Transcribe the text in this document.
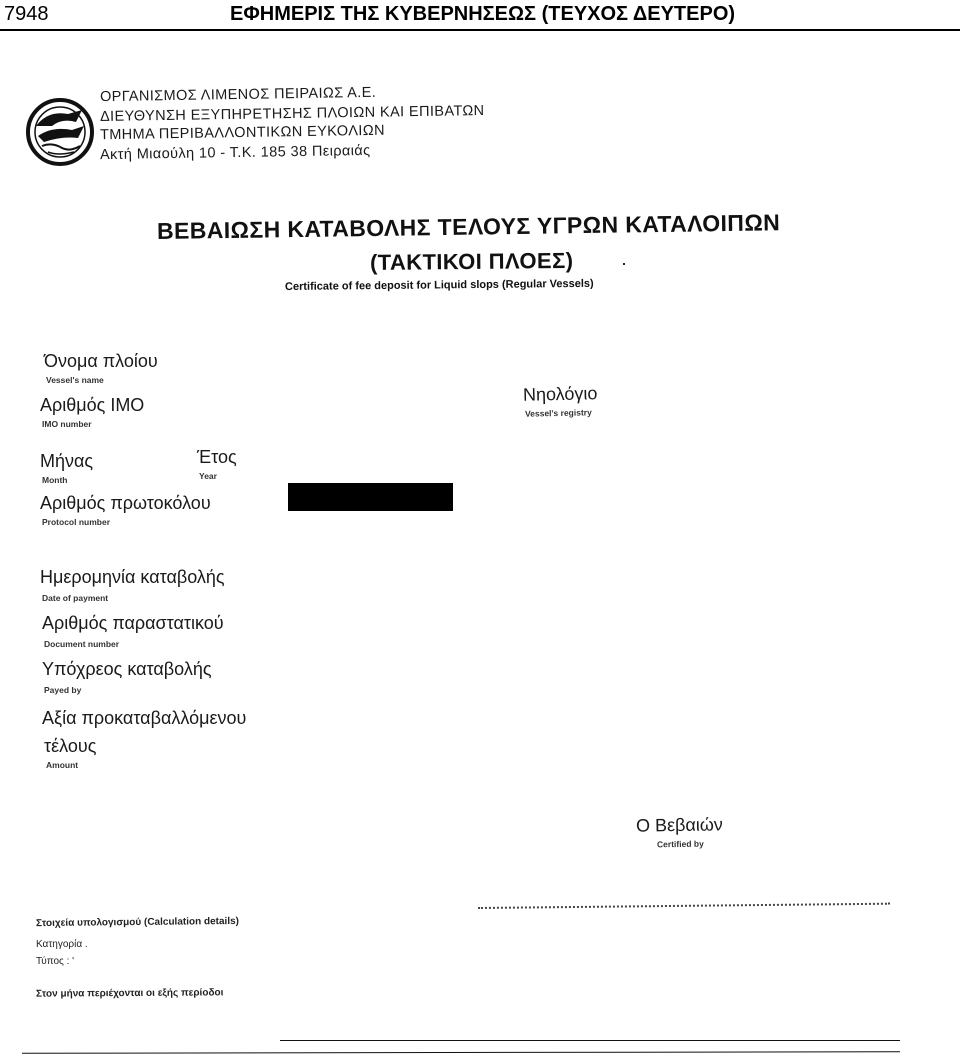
7948	ΕΦΗΜΕΡΙΣ ΤΗΣ ΚΥΒΕΡΝΗΣΕΩΣ (ΤΕΥΧΟΣ ΔΕΥΤΕΡΟ)
ΟΡΓΑΝΙΣΜΟΣ ΛΙΜΕΝΟΣ ΠΕΙΡΑΙΩΣ Α.Ε.
ΔΙΕΥΘΥΝΣΗ ΕΞΥΠΗΡΕΤΗΣΗΣ ΠΛΟΙΩΝ ΚΑΙ ΕΠΙΒΑΤΩΝ
ΤΜΗΜΑ ΠΕΡΙΒΑΛΛΟΝΤΙΚΩΝ ΕΥΚΟΛΙΩΝ
Ακτή Μιαούλη 10 - Τ.Κ. 185 38 Πειραιάς
ΒΕΒΑΙΩΣΗ ΚΑΤΑΒΟΛΗΣ ΤΕΛΟΥΣ ΥΓΡΩΝ ΚΑΤΑΛΟΙΠΩΝ
(ΤΑΚΤΙΚΟΙ ΠΛΟΕΣ)
Certificate of fee deposit for Liquid slops (Regular Vessels)
Όνομα πλοίου
Vessel's name
Αριθμός ΙΜΟ
IMO number
Νηολόγιο
Vessel's registry
Μήνας
Month
Έτος
Year
Αριθμός πρωτοκόλου
Protocol number
Ημερομηνία καταβολής
Date of payment
Αριθμός παραστατικού
Document number
Υπόχρεος καταβολής
Payed by
Αξία προκαταβαλλόμενου
τέλους
Amount
Ο Βεβαιών
Certified by
Στοιχεία υπολογισμού (Calculation details)
Κατηγορία .
Τύπος : '
Στον μήνα περιέχονται οι εξής περίοδοι
